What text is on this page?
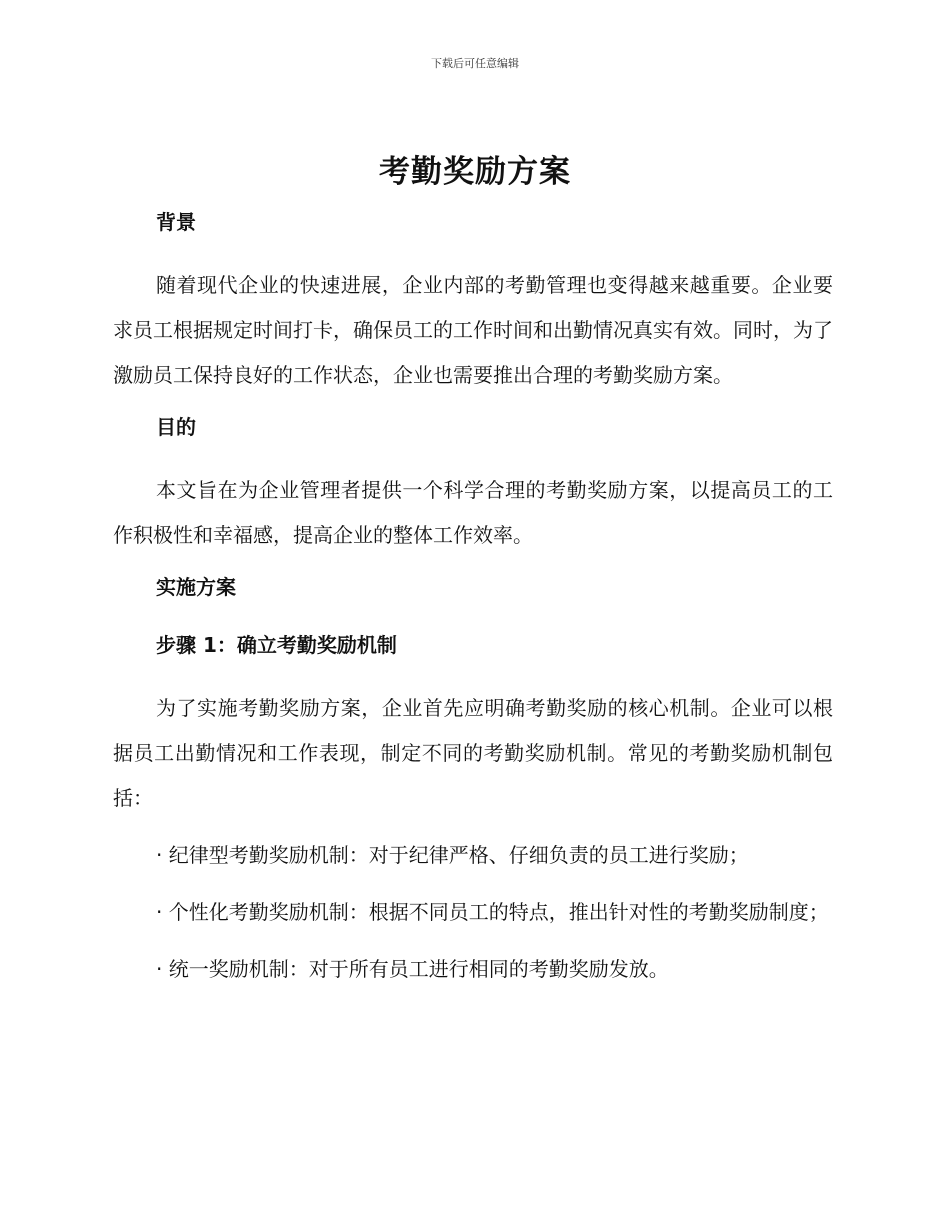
下载后可任意编辑
考勤奖励方案
背景

随着现代企业的快速进展，企业内部的考勤管理也变得越来越重要。企业要求员工根据规定时间打卡，确保员工的工作时间和出勤情况真实有效。同时，为了激励员工保持良好的工作状态，企业也需要推出合理的考勤奖励方案。

目的

本文旨在为企业管理者提供一个科学合理的考勤奖励方案，以提高员工的工作积极性和幸福感，提高企业的整体工作效率。

实施方案
步骤 1：确立考勤奖励机制

为了实施考勤奖励方案，企业首先应明确考勤奖励的核心机制。企业可以根据员工出勤情况和工作表现，制定不同的考勤奖励机制。常见的考勤奖励机制包括：

· 纪律型考勤奖励机制：对于纪律严格、仔细负责的员工进行奖励；

· 个性化考勤奖励机制：根据不同员工的特点，推出针对性的考勤奖励制度；

· 统一奖励机制：对于所有员工进行相同的考勤奖励发放。
